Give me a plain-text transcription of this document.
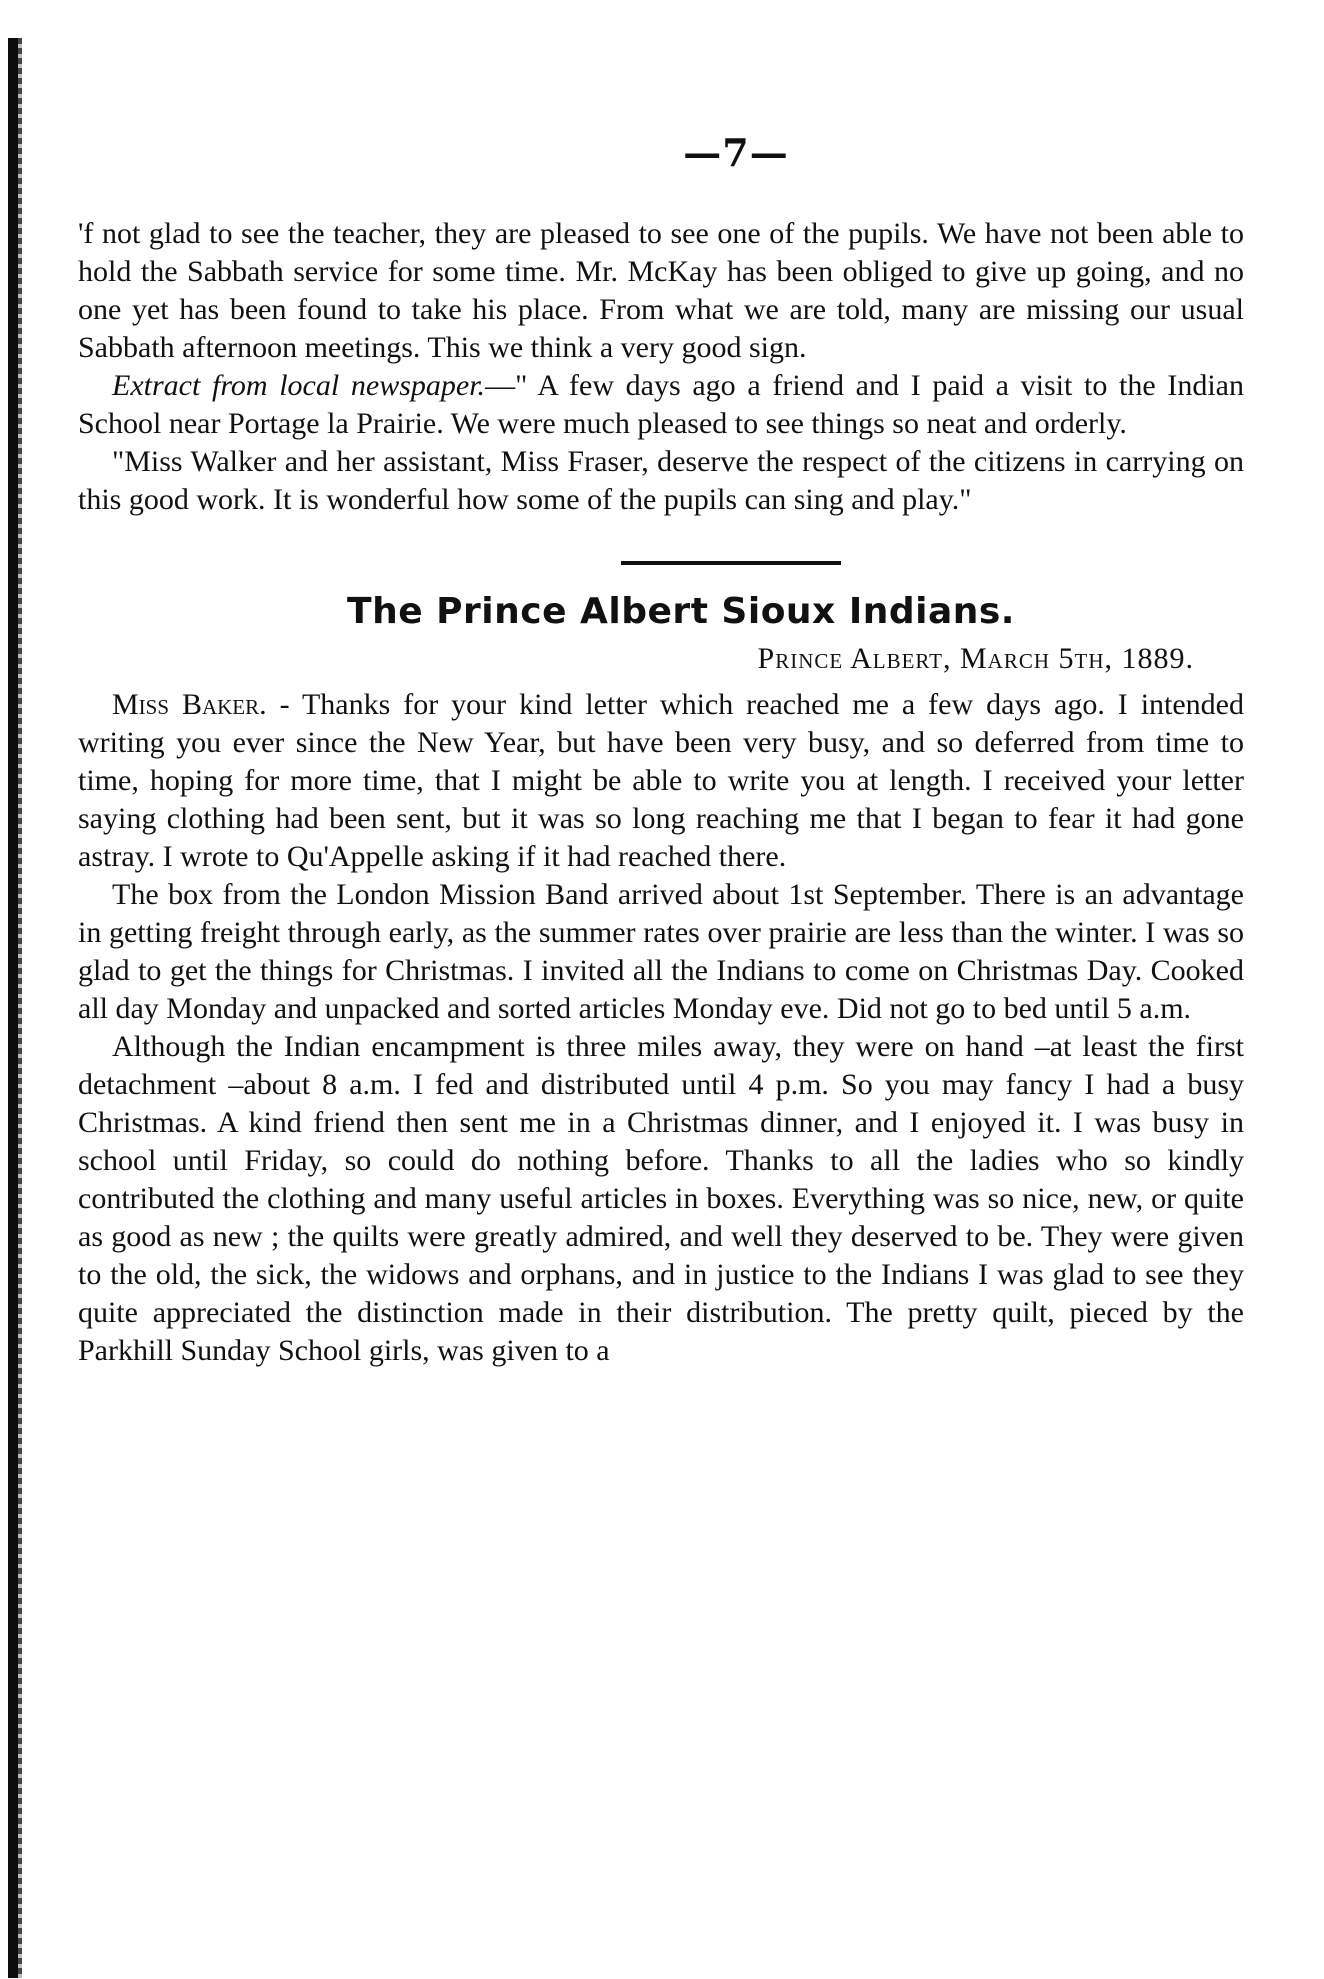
—7—

'f not glad to see the teacher, they are pleased to see one of the pupils. We have not been able to hold the Sabbath service for some time. Mr. McKay has been obliged to give up going, and no one yet has been found to take his place. From what we are told, many are missing our usual Sabbath afternoon meetings. This we think a very good sign.

Extract from local newspaper.—" A few days ago a friend and I paid a visit to the Indian School near Portage la Prairie. We were much pleased to see things so neat and orderly.

"Miss Walker and her assistant, Miss Fraser, deserve the respect of the citizens in carrying on this good work. It is wonderful how some of the pupils can sing and play."

The Prince Albert Sioux Indians.
Prince Albert, March 5th, 1889.

Miss Baker. - Thanks for your kind letter which reached me a few days ago. I intended writing you ever since the New Year, but have been very busy, and so deferred from time to time, hoping for more time, that I might be able to write you at length. I received your letter saying clothing had been sent, but it was so long reaching me that I began to fear it had gone astray. I wrote to Qu'Appelle asking if it had reached there.

The box from the London Mission Band arrived about 1st September. There is an advantage in getting freight through early, as the summer rates over prairie are less than the winter. I was so glad to get the things for Christmas. I invited all the Indians to come on Christmas Day. Cooked all day Monday and unpacked and sorted articles Monday eve. Did not go to bed until 5 a.m.

Although the Indian encampment is three miles away, they were on hand –at least the first detachment –about 8 a.m. I fed and distributed until 4 p.m. So you may fancy I had a busy Christmas. A kind friend then sent me in a Christmas dinner, and I enjoyed it. I was busy in school until Friday, so could do nothing before. Thanks to all the ladies who so kindly contributed the clothing and many useful articles in boxes. Everything was so nice, new, or quite as good as new ; the quilts were greatly admired, and well they deserved to be. They were given to the old, the sick, the widows and orphans, and in justice to the Indians I was glad to see they quite appreciated the distinction made in their distribution. The pretty quilt, pieced by the Parkhill Sunday School girls, was given to a
